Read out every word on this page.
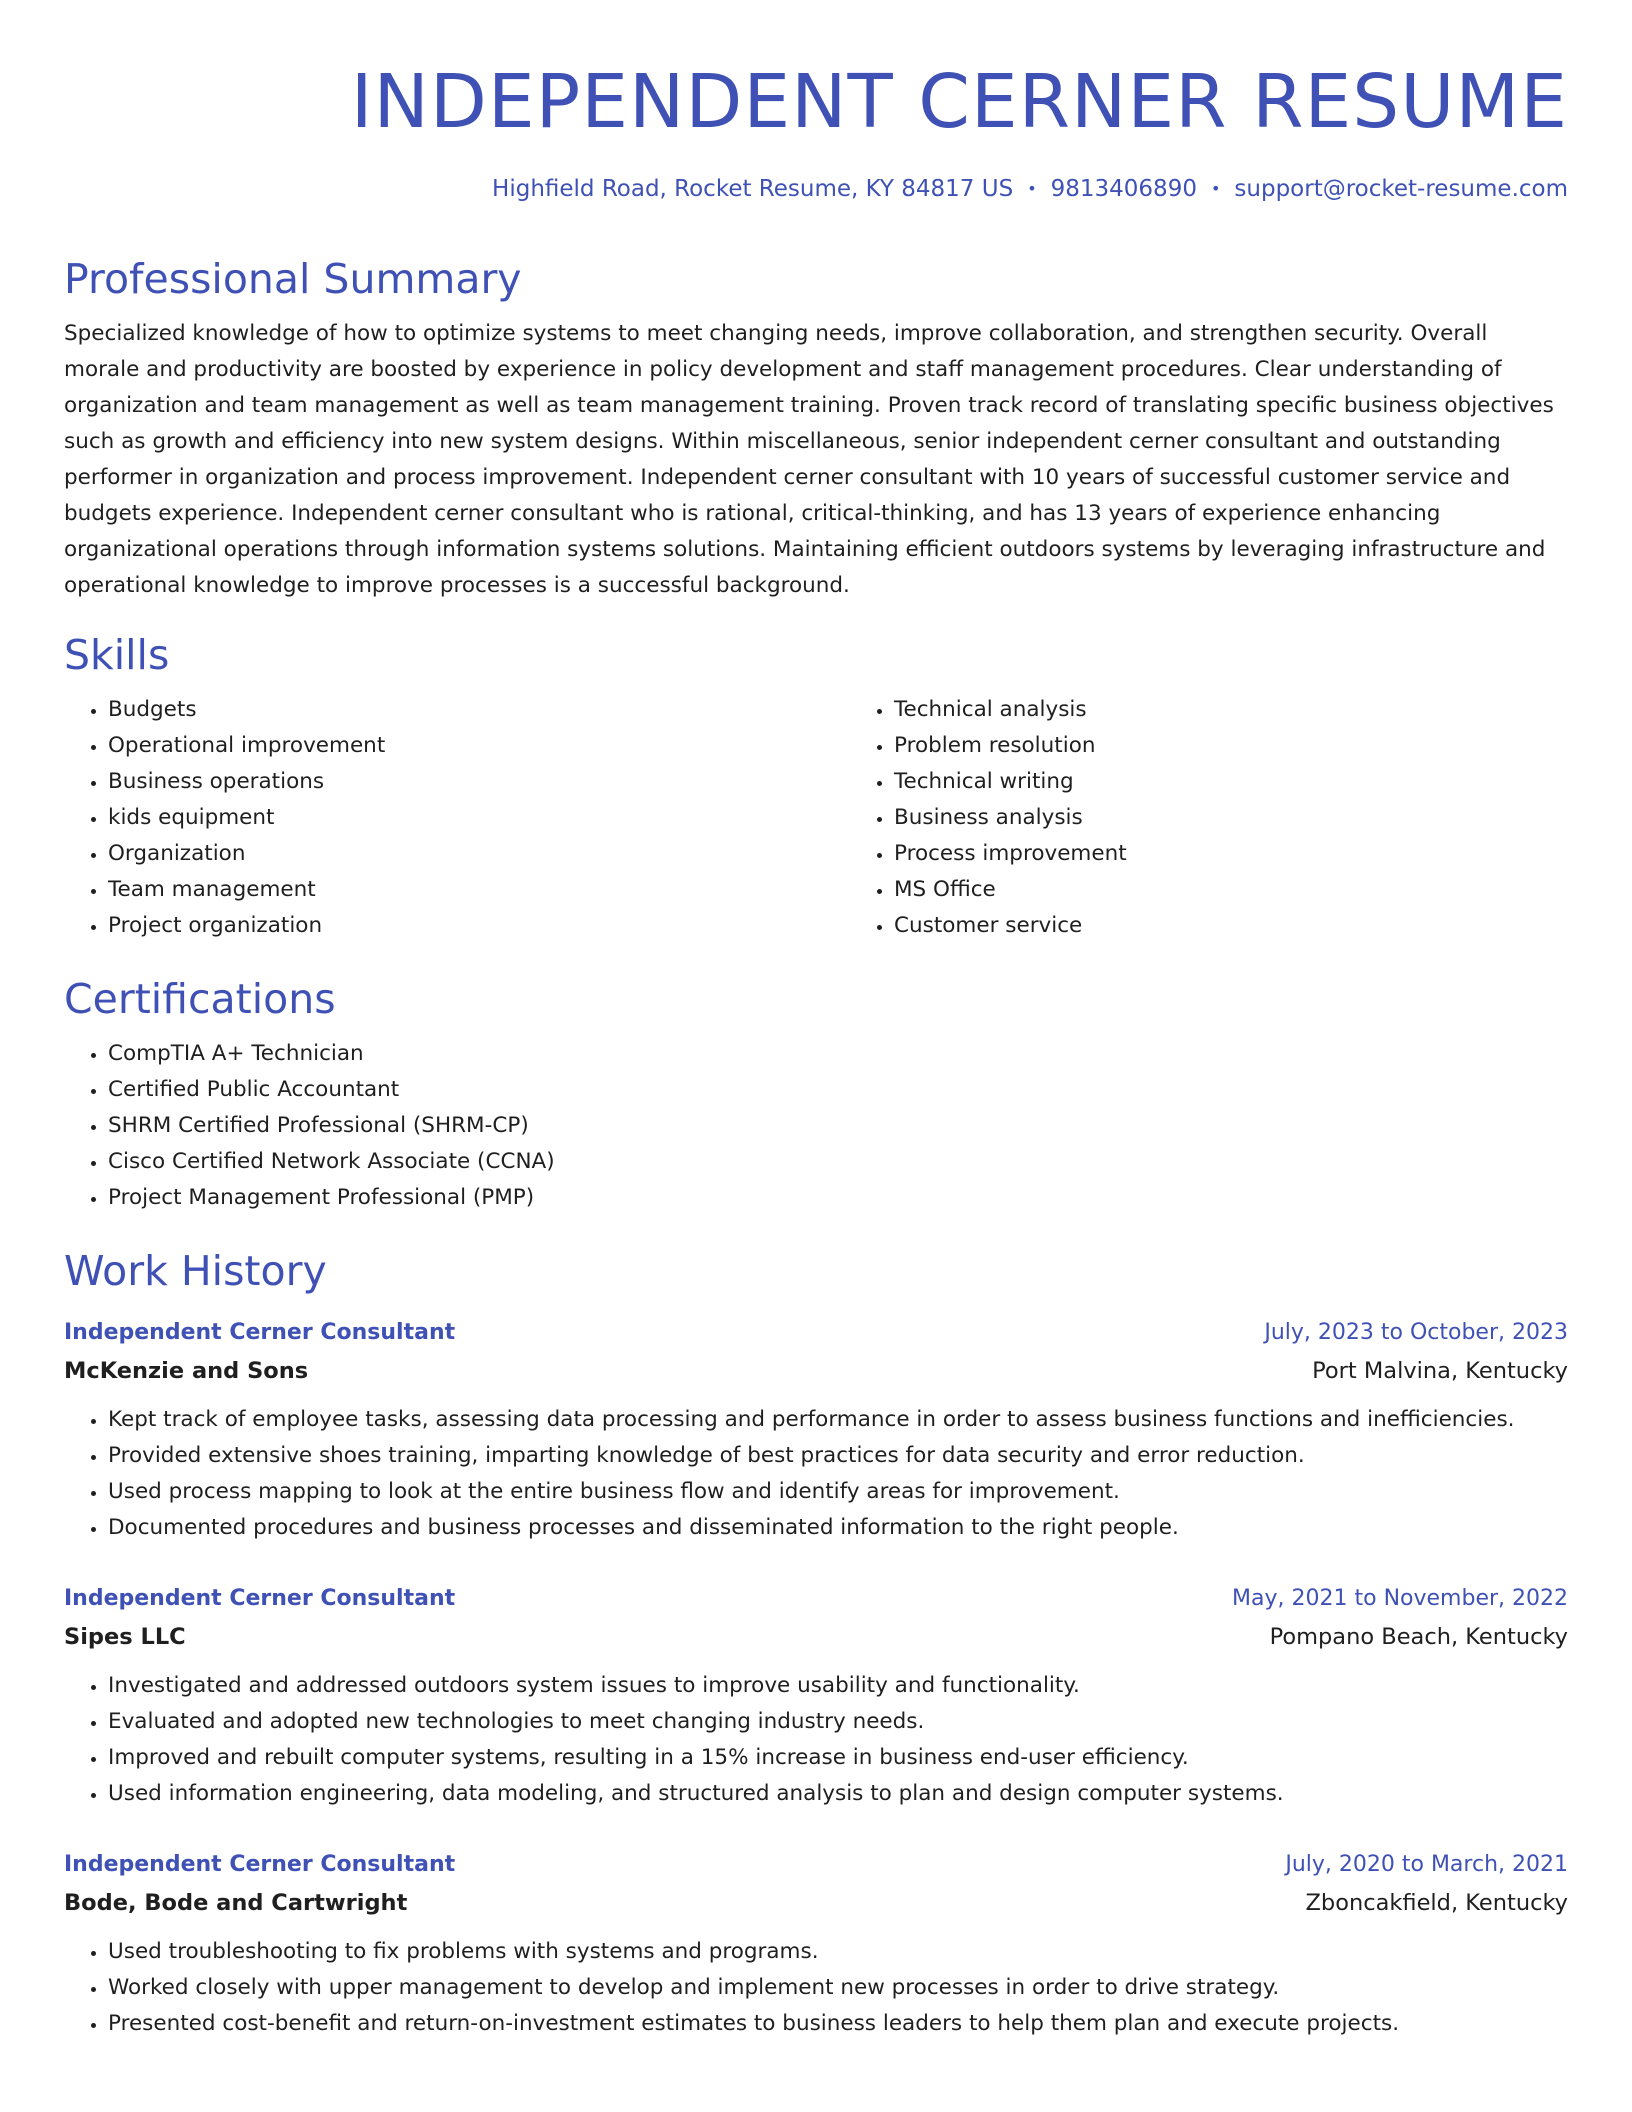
INDEPENDENT CERNER RESUME
Highfield Road, Rocket Resume, KY 84817 US • 9813406890 • support@rocket-resume.com
Professional Summary

Specialized knowledge of how to optimize systems to meet changing needs, improve collaboration, and strengthen security. Overall morale and productivity are boosted by experience in policy development and staff management procedures. Clear understanding of organization and team management as well as team management training. Proven track record of translating specific business objectives such as growth and efficiency into new system designs. Within miscellaneous, senior independent cerner consultant and outstanding performer in organization and process improvement. Independent cerner consultant with 10 years of successful customer service and budgets experience. Independent cerner consultant who is rational, critical-thinking, and has 13 years of experience enhancing organizational operations through information systems solutions. Maintaining efficient outdoors systems by leveraging infrastructure and operational knowledge to improve processes is a successful background.

Skills
• Budgets
• Operational improvement
• Business operations
• kids equipment
• Organization
• Team management
• Project organization
• Technical analysis
• Problem resolution
• Technical writing
• Business analysis
• Process improvement
• MS Office
• Customer service
Certifications
• CompTIA A+ Technician
• Certified Public Accountant
• SHRM Certified Professional (SHRM-CP)
• Cisco Certified Network Associate (CCNA)
• Project Management Professional (PMP)
Work History
Independent Cerner Consultant	July, 2023 to October, 2023
McKenzie and Sons	Port Malvina, Kentucky
• Kept track of employee tasks, assessing data processing and performance in order to assess business functions and inefficiencies.
• Provided extensive shoes training, imparting knowledge of best practices for data security and error reduction.
• Used process mapping to look at the entire business flow and identify areas for improvement.
• Documented procedures and business processes and disseminated information to the right people.
Independent Cerner Consultant	May, 2021 to November, 2022
Sipes LLC	Pompano Beach, Kentucky
• Investigated and addressed outdoors system issues to improve usability and functionality.
• Evaluated and adopted new technologies to meet changing industry needs.
• Improved and rebuilt computer systems, resulting in a 15% increase in business end-user efficiency.
• Used information engineering, data modeling, and structured analysis to plan and design computer systems.
Independent Cerner Consultant	July, 2020 to March, 2021
Bode, Bode and Cartwright	Zboncakfield, Kentucky
• Used troubleshooting to fix problems with systems and programs.
• Worked closely with upper management to develop and implement new processes in order to drive strategy.
• Presented cost-benefit and return-on-investment estimates to business leaders to help them plan and execute projects.
